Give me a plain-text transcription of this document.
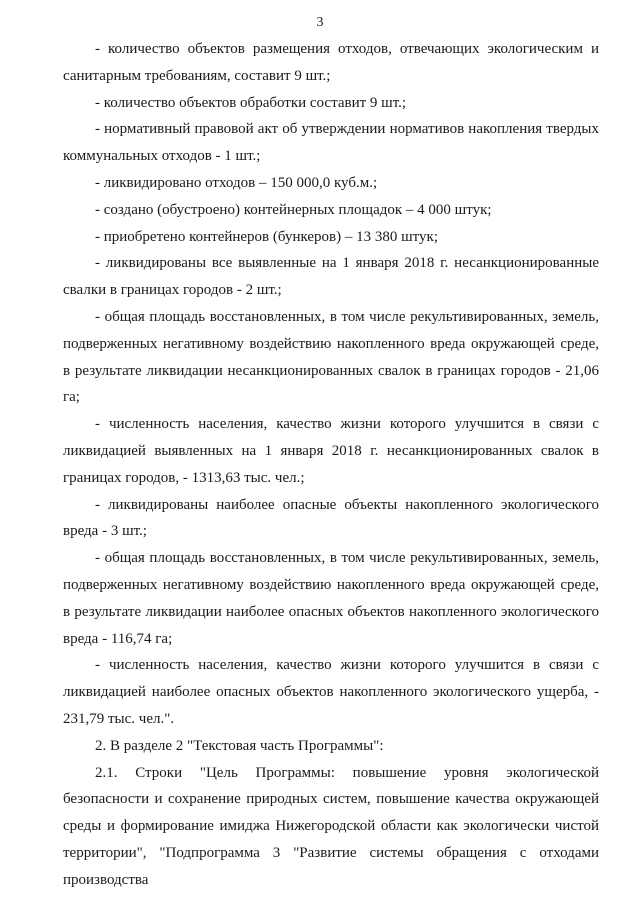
3

- количество объектов размещения отходов, отвечающих экологическим и санитарным требованиям, составит 9 шт.;

- количество объектов обработки составит 9 шт.;

- нормативный правовой акт об утверждении нормативов накопления твердых коммунальных отходов - 1 шт.;

- ликвидировано отходов – 150 000,0 куб.м.;

- создано (обустроено) контейнерных площадок – 4 000 штук;

- приобретено контейнеров (бункеров) – 13 380 штук;

- ликвидированы все выявленные на 1 января 2018 г. несанкционированные свалки в границах городов - 2 шт.;

- общая площадь восстановленных, в том числе рекультивированных, земель, подверженных негативному воздействию накопленного вреда окружающей среде, в результате ликвидации несанкционированных свалок в границах городов - 21,06 га;

- численность населения, качество жизни которого улучшится в связи с ликвидацией выявленных на 1 января 2018 г. несанкционированных свалок в границах городов, - 1313,63 тыс. чел.;

- ликвидированы наиболее опасные объекты накопленного экологического вреда - 3 шт.;

- общая площадь восстановленных, в том числе рекультивированных, земель, подверженных негативному воздействию накопленного вреда окружающей среде, в результате ликвидации наиболее опасных объектов накопленного экологического вреда - 116,74 га;

- численность населения, качество жизни которого улучшится в связи с ликвидацией наиболее опасных объектов накопленного экологического ущерба, - 231,79 тыс. чел.".

2. В разделе 2 "Текстовая часть Программы":

2.1. Строки "Цель Программы: повышение уровня экологической безопасности и сохранение природных систем, повышение качества окружающей среды и формирование имиджа Нижегородской области как экологически чистой территории", "Подпрограмма 3 "Развитие системы обращения с отходами производства
